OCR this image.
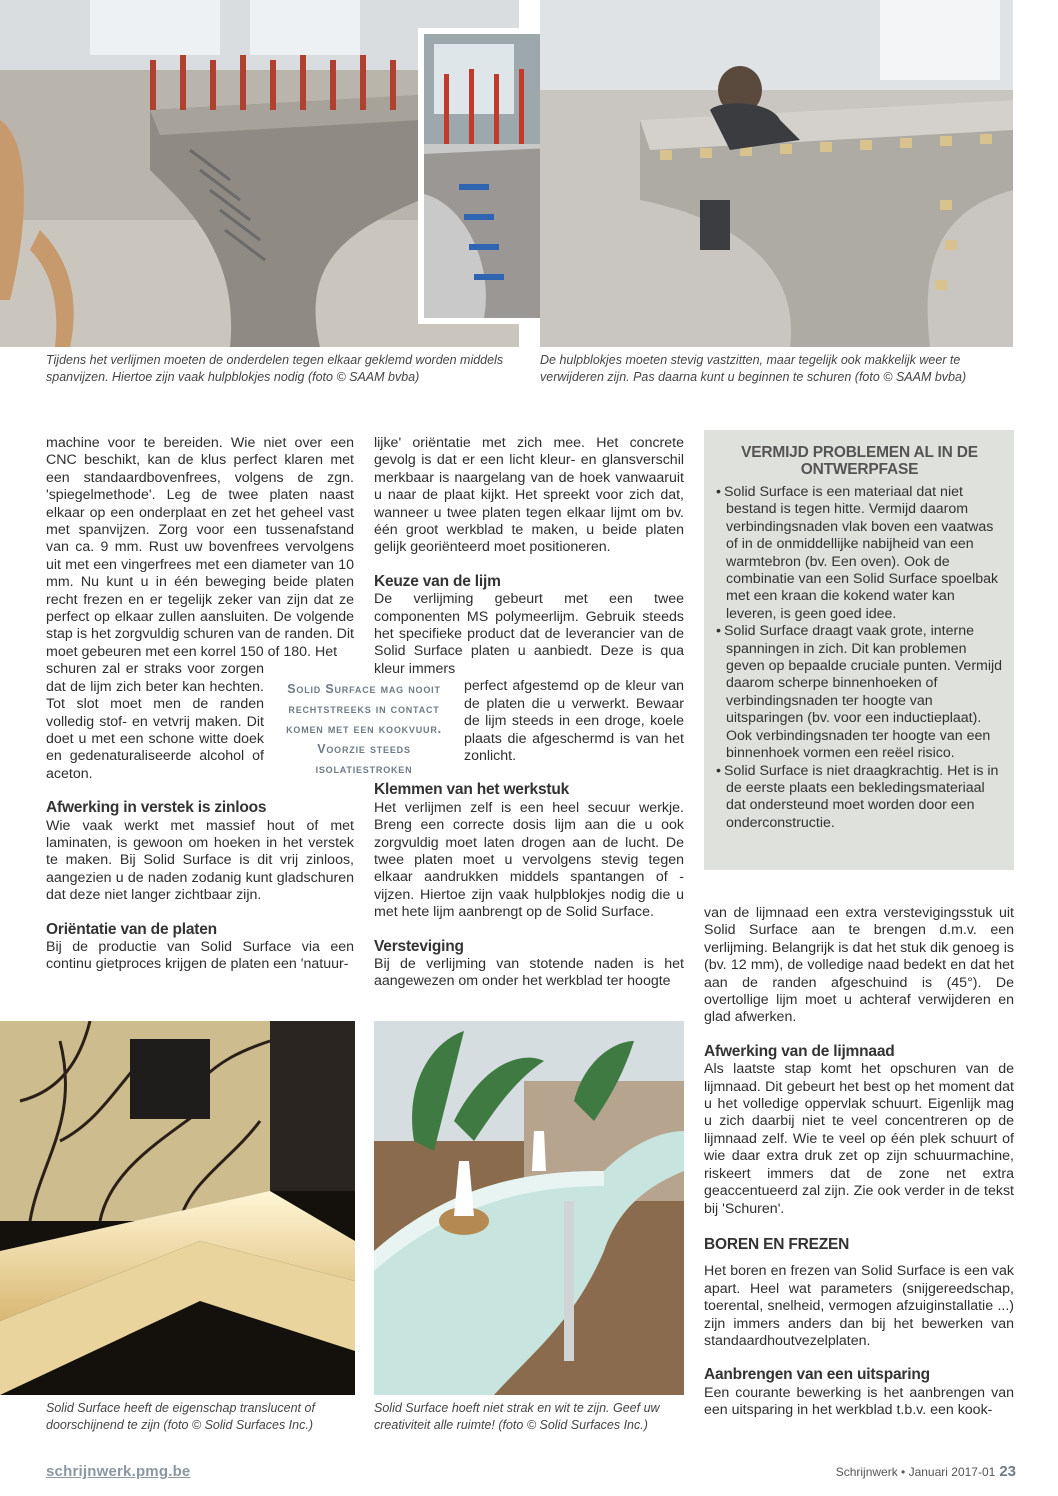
Tijdens het verlijmen moeten de onderdelen tegen elkaar geklemd worden middels spanvijzen. Hiertoe zijn vaak hulpblokjes nodig (foto © SAAM bvba)

De hulpblokjes moeten stevig vastzitten, maar tegelijk ook makkelijk weer te verwijderen zijn. Pas daarna kunt u beginnen te schuren (foto © SAAM bvba)

machine voor te bereiden. Wie niet over een CNC beschikt, kan de klus perfect klaren met een standaardbovenfrees, volgens de zgn. 'spiegelmethode'. Leg de twee platen naast elkaar op een onderplaat en zet het geheel vast met spanvijzen. Zorg voor een tussenafstand van ca. 9 mm. Rust uw bovenfrees vervolgens uit met een vingerfrees met een diameter van 10 mm. Nu kunt u in één beweging beide platen recht frezen en er tegelijk zeker van zijn dat ze perfect op elkaar zullen aansluiten. De volgende stap is het zorgvuldig schuren van de randen. Dit moet gebeuren met een korrel 150 of 180. Het

schuren zal er straks voor zorgen dat de lijm zich beter kan hechten. Tot slot moet men de randen volledig stof- en vetvrij maken. Dit doet u met een schone witte doek en gedenaturaliseerde alcohol of aceton.

Afwerking in verstek is zinloos

Wie vaak werkt met massief hout of met laminaten, is gewoon om hoeken in het verstek te maken. Bij Solid Surface is dit vrij zinloos, aangezien u de naden zodanig kunt gladschuren dat deze niet langer zichtbaar zijn.

Oriëntatie van de platen

Bij de productie van Solid Surface via een continu gietproces krijgen de platen een 'natuur-

Solid Surface mag nooit rechtstreeks in contact komen met een kookvuur. Voorzie steeds isolatiestroken

lijke' oriëntatie met zich mee. Het concrete gevolg is dat er een licht kleur- en glansverschil merkbaar is naargelang van de hoek vanwaaruit u naar de plaat kijkt. Het spreekt voor zich dat, wanneer u twee platen tegen elkaar lijmt om bv. één groot werkblad te maken, u beide platen gelijk georiënteerd moet positioneren.

Keuze van de lijm

De verlijming gebeurt met een twee componenten MS polymeerlijm. Gebruik steeds het specifieke product dat de leverancier van de Solid Surface platen u aanbiedt. Deze is qua kleur immers

perfect afgestemd op de kleur van de platen die u verwerkt. Bewaar de lijm steeds in een droge, koele plaats die afgeschermd is van het zonlicht.

Klemmen van het werkstuk

Het verlijmen zelf is een heel secuur werkje. Breng een correcte dosis lijm aan die u ook zorgvuldig moet laten drogen aan de lucht. De twee platen moet u vervolgens stevig tegen elkaar aandrukken middels spantangen of -vijzen. Hiertoe zijn vaak hulpblokjes nodig die u met hete lijm aanbrengt op de Solid Surface.

Versteviging

Bij de verlijming van stotende naden is het aangewezen om onder het werkblad ter hoogte

VERMIJD PROBLEMEN AL IN DE ONTWERPFASE
• Solid Surface is een materiaal dat niet bestand is tegen hitte. Vermijd daarom verbindingsnaden vlak boven een vaatwas of in de onmiddellijke nabijheid van een warmtebron (bv. Een oven). Ook de combinatie van een Solid Surface spoelbak met een kraan die kokend water kan leveren, is geen goed idee.
• Solid Surface draagt vaak grote, interne spanningen in zich. Dit kan problemen geven op bepaalde cruciale punten. Vermijd daarom scherpe binnenhoeken of verbindingsnaden ter hoogte van uitsparingen (bv. voor een inductieplaat). Ook verbindingsnaden ter hoogte van een binnenhoek vormen een reëel risico.
• Solid Surface is niet draagkrachtig. Het is in de eerste plaats een bekledingsmateriaal dat ondersteund moet worden door een onderconstructie.

van de lijmnaad een extra verstevigingsstuk uit Solid Surface aan te brengen d.m.v. een verlijming. Belangrijk is dat het stuk dik genoeg is (bv. 12 mm), de volledige naad bedekt en dat het aan de randen afgeschuind is (45°). De overtollige lijm moet u achteraf verwijderen en glad afwerken.

Afwerking van de lijmnaad

Als laatste stap komt het opschuren van de lijmnaad. Dit gebeurt het best op het moment dat u het volledige oppervlak schuurt. Eigenlijk mag u zich daarbij niet te veel concentreren op de lijmnaad zelf. Wie te veel op één plek schuurt of wie daar extra druk zet op zijn schuurmachine, riskeert immers dat de zone net extra geaccentueerd zal zijn. Zie ook verder in de tekst bij 'Schuren'.

BOREN EN FREZEN

Het boren en frezen van Solid Surface is een vak apart. Heel wat parameters (snijgereedschap, toerental, snelheid, vermogen afzuiginstallatie ...) zijn immers anders dan bij het bewerken van standaardhoutvezelplaten.

Aanbrengen van een uitsparing

Een courante bewerking is het aanbrengen van een uitsparing in het werkblad t.b.v. een kook-

Solid Surface heeft de eigenschap translucent of doorschijnend te zijn (foto © Solid Surfaces Inc.)

Solid Surface hoeft niet strak en wit te zijn. Geef uw creativiteit alle ruimte! (foto © Solid Surfaces Inc.)

schrijnwerk.pmg.be	Schrijnwerk • Januari 2017-01 23
